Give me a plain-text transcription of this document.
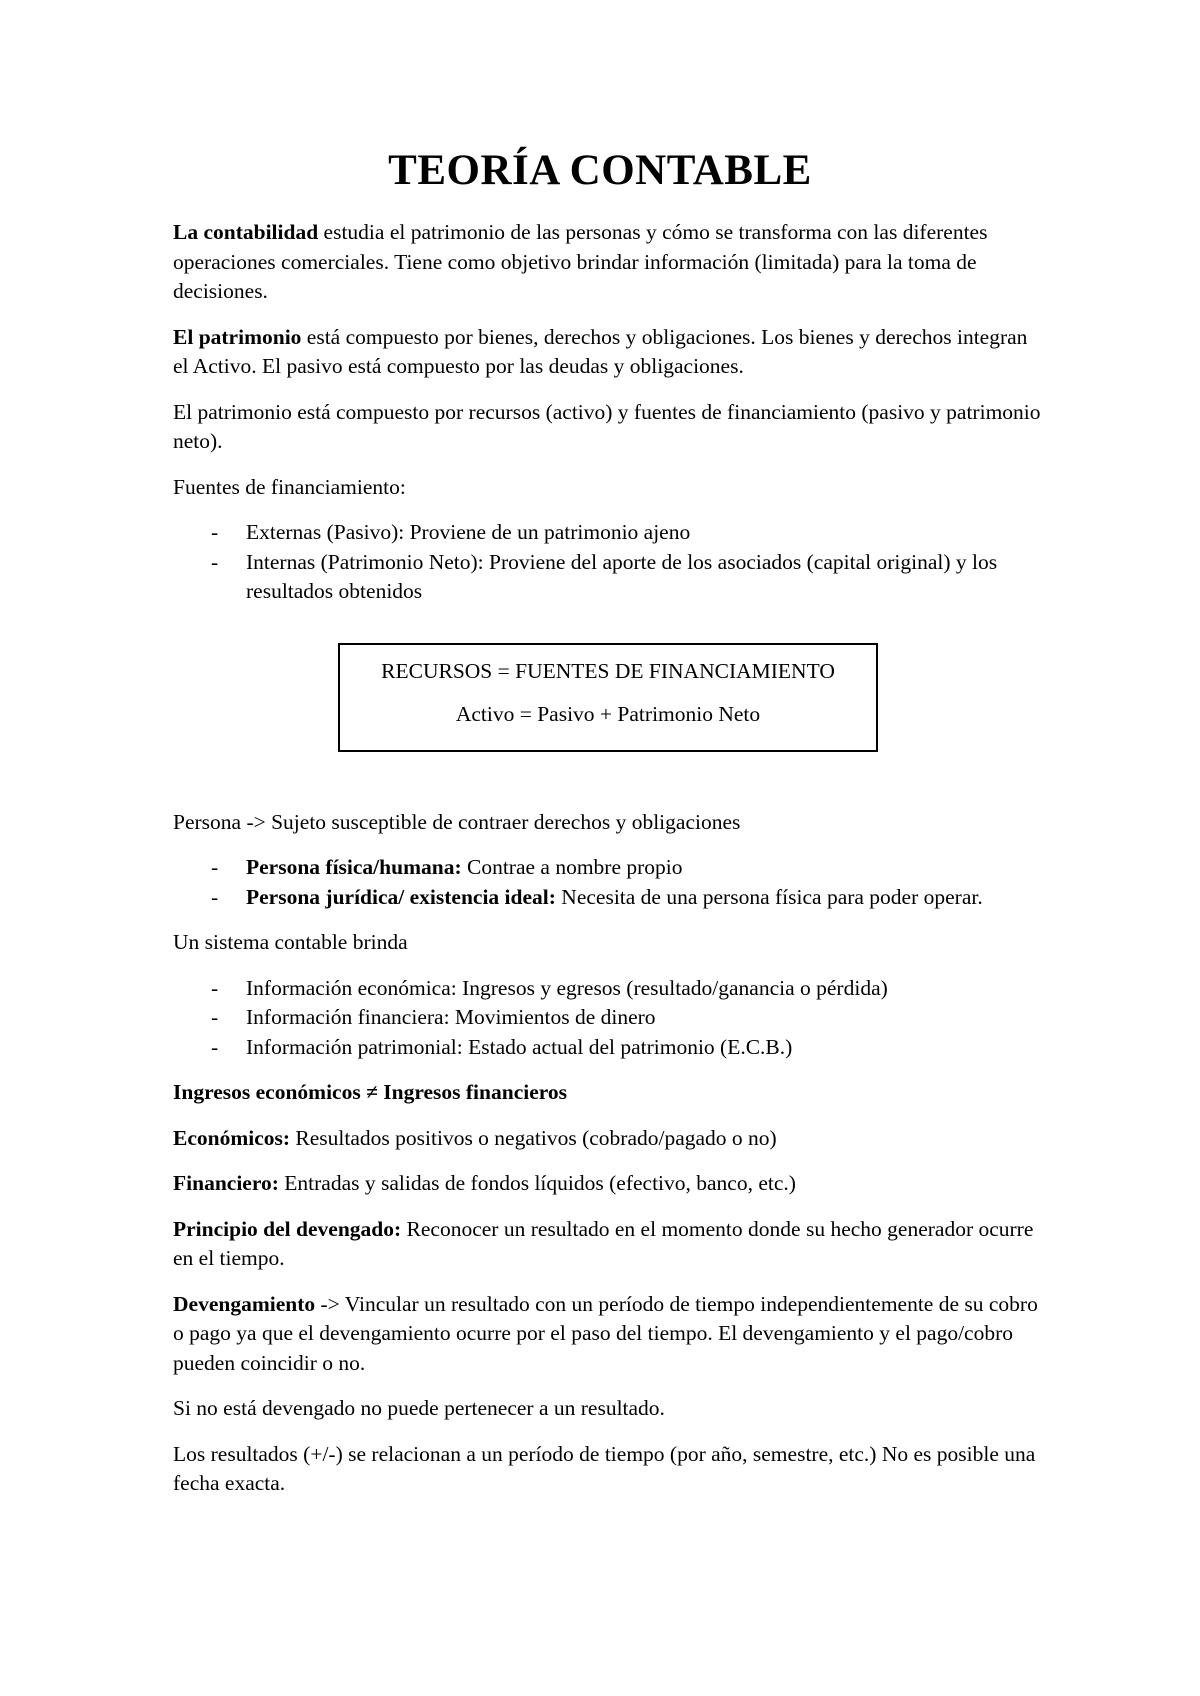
TEORÍA CONTABLE

La contabilidad estudia el patrimonio de las personas y cómo se transforma con las diferentes operaciones comerciales. Tiene como objetivo brindar información (limitada) para la toma de decisiones.

El patrimonio está compuesto por bienes, derechos y obligaciones. Los bienes y derechos integran el Activo. El pasivo está compuesto por las deudas y obligaciones.

El patrimonio está compuesto por recursos (activo) y fuentes de financiamiento (pasivo y patrimonio neto).

Fuentes de financiamiento:

- Externas (Pasivo): Proviene de un patrimonio ajeno
- Internas (Patrimonio Neto): Proviene del aporte de los asociados (capital original) y los resultados obtenidos

RECURSOS = FUENTES DE FINANCIAMIENTO

Activo = Pasivo + Patrimonio Neto

Persona -> Sujeto susceptible de contraer derechos y obligaciones

- Persona física/humana: Contrae a nombre propio
- Persona jurídica/ existencia ideal: Necesita de una persona física para poder operar.

Un sistema contable brinda

- Información económica: Ingresos y egresos (resultado/ganancia o pérdida)
- Información financiera: Movimientos de dinero
- Información patrimonial: Estado actual del patrimonio (E.C.B.)

Ingresos económicos ≠ Ingresos financieros

Económicos: Resultados positivos o negativos (cobrado/pagado o no)

Financiero: Entradas y salidas de fondos líquidos (efectivo, banco, etc.)

Principio del devengado: Reconocer un resultado en el momento donde su hecho generador ocurre en el tiempo.

Devengamiento -> Vincular un resultado con un período de tiempo independientemente de su cobro o pago ya que el devengamiento ocurre por el paso del tiempo. El devengamiento y el pago/cobro pueden coincidir o no.

Si no está devengado no puede pertenecer a un resultado.

Los resultados (+/-) se relacionan a un período de tiempo (por año, semestre, etc.) No es posible una fecha exacta.
